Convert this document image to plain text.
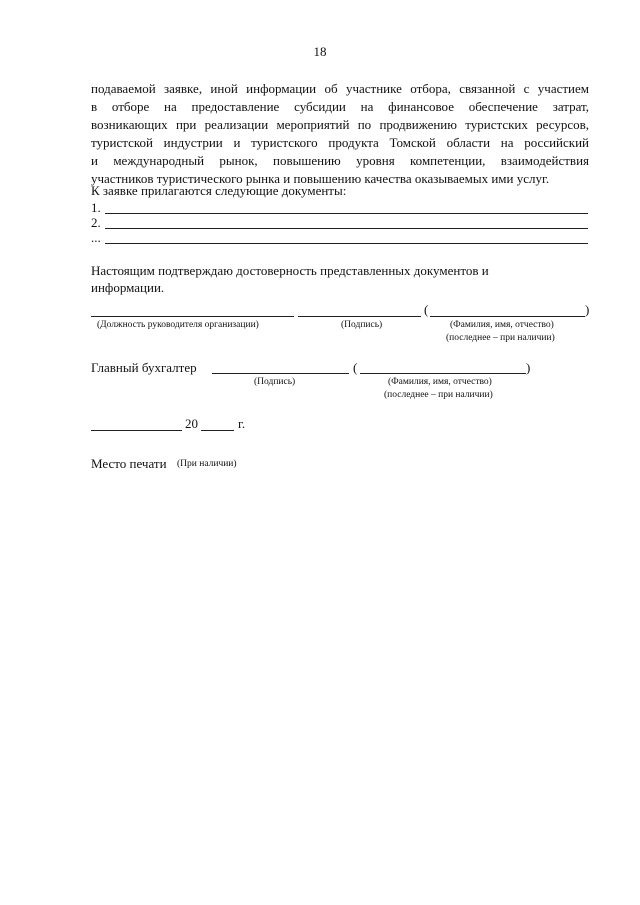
18
подаваемой заявке, иной информации об участнике отбора, связанной с участием
в отборе на предоставление субсидии на финансовое обеспечение затрат,
возникающих при реализации мероприятий по продвижению туристских ресурсов,
туристской индустрии и туристского продукта Томской области на российский
и международный рынок, повышению уровня компетенции, взаимодействия
участников туристического рынка и повышению качества оказываемых ими услуг.
К заявке прилагаются следующие документы:
1.
2.
...
Настоящим подтверждаю достоверность представленных документов и
информации.
(	)
(Должность руководителя организации)	(Подпись)	(Фамилия, имя, отчество)
(последнее – при наличии)
Главный бухгалтер	(	)
(Подпись)	(Фамилия, имя, отчество)
(последнее – при наличии)
20	г.
Место печати (При наличии)
